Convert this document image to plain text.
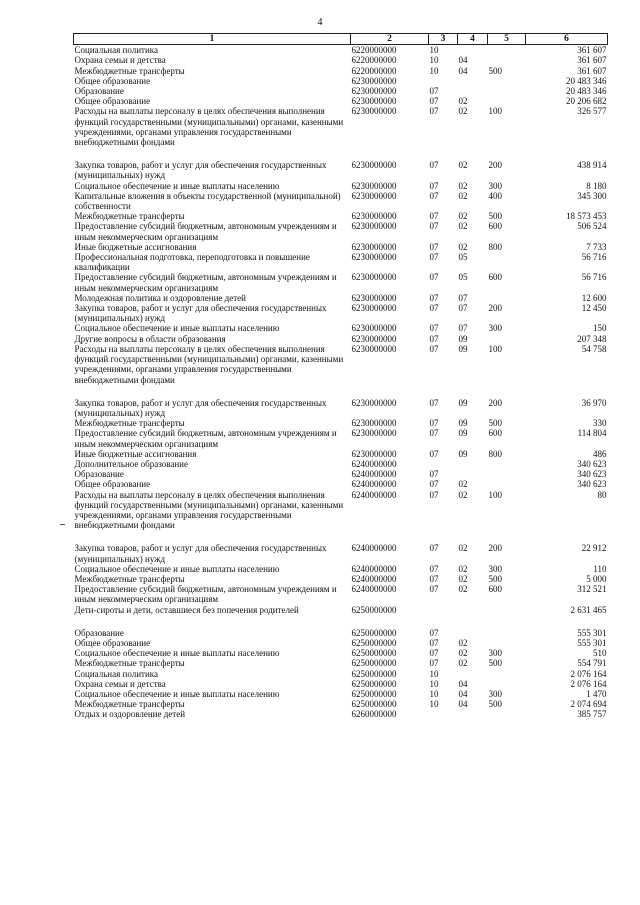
4
1	2	3	4	5	6
Социальная политика	6220000000	10			361 607
Охрана семьи и детства	6220000000	10	04		361 607
Межбюджетные трансферты	6220000000	10	04	500	361 607
Общее образование	6230000000				20 483 346
Образование	6230000000	07			20 483 346
Общее образование	6230000000	07	02		20 206 682
Расходы на выплаты персоналу в целях обеспечения выполнения функций государственными (муниципальными) органами, казенными учреждениями, органами управления государственными внебюджетными фондами	6230000000	07	02	100	326 577

Закупка товаров, работ и услуг для обеспечения государственных (муниципальных) нужд	6230000000	07	02	200	438 914
Социальное обеспечение и иные выплаты населению	6230000000	07	02	300	8 180
Капитальные вложения в объекты государственной (муниципальной) собственности	6230000000	07	02	400	345 300
Межбюджетные трансферты	6230000000	07	02	500	18 573 453
Предоставление субсидий бюджетным, автономным учреждениям и иным некоммерческим организациям	6230000000	07	02	600	506 524
Иные бюджетные ассигнования	6230000000	07	02	800	7 733
Профессиональная подготовка, переподготовка и повышение квалификации	6230000000	07	05		56 716
Предоставление субсидий бюджетным, автономным учреждениям и иным некоммерческим организациям	6230000000	07	05	600	56 716
Молодежная политика и оздоровление детей	6230000000	07	07		12 600
Закупка товаров, работ и услуг для обеспечения государственных (муниципальных) нужд	6230000000	07	07	200	12 450
Социальное обеспечение и иные выплаты населению	6230000000	07	07	300	150
Другие вопросы в области образования	6230000000	07	09		207 348
Расходы на выплаты персоналу в целях обеспечения выполнения функций государственными (муниципальными) органами, казенными учреждениями, органами управления государственными внебюджетными фондами	6230000000	07	09	100	54 758

Закупка товаров, работ и услуг для обеспечения государственных (муниципальных) нужд	6230000000	07	09	200	36 970
Межбюджетные трансферты	6230000000	07	09	500	330
Предоставление субсидий бюджетным, автономным учреждениям и иным некоммерческим организациям	6230000000	07	09	600	114 804
Иные бюджетные ассигнования	6230000000	07	09	800	486
Дополнительное образование	6240000000				340 623
Образование	6240000000	07			340 623
Общее образование	6240000000	07	02		340 623
Расходы на выплаты персоналу в целях обеспечения выполнения функций государственными (муниципальными) органами, казенными учреждениями, органами управления государственными внебюджетными фондами	6240000000	07	02	100	80

Закупка товаров, работ и услуг для обеспечения государственных (муниципальных) нужд	6240000000	07	02	200	22 912
Социальное обеспечение и иные выплаты населению	6240000000	07	02	300	110
Межбюджетные трансферты	6240000000	07	02	500	5 000
Предоставление субсидий бюджетным, автономным учреждениям и иным некоммерческим организациям	6240000000	07	02	600	312 521
Дети-сироты и дети, оставшиеся без попечения родителей	6250000000				2 631 465

Образование	6250000000	07			555 301
Общее образование	6250000000	07	02		555 301
Социальное обеспечение и иные выплаты населению	6250000000	07	02	300	510
Межбюджетные трансферты	6250000000	07	02	500	554 791
Социальная политика	6250000000	10			2 076 164
Охрана семьи и детства	6250000000	10	04		2 076 164
Социальное обеспечение и иные выплаты населению	6250000000	10	04	300	1 470
Межбюджетные трансферты	6250000000	10	04	500	2 074 694
Отдых и оздоровление детей	6260000000				385 757
